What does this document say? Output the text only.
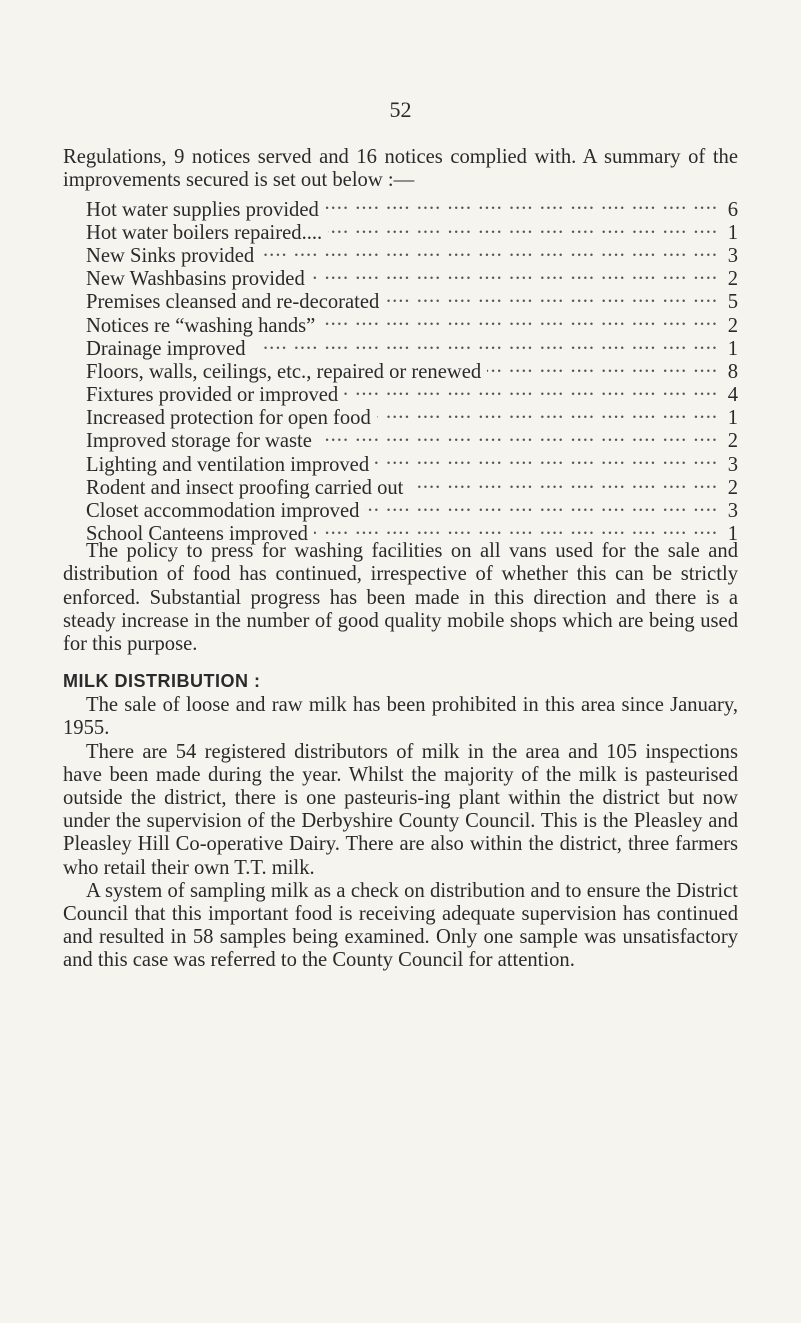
52

Regulations, 9 notices served and 16 notices complied with. A summary of the improvements secured is set out below :—

Hot water supplies provided ....	6
Hot water boilers repaired.... ....	1
New Sinks provided ....	3
New Washbasins provided ....	2
Premises cleansed and re-decorated ....	5
Notices re “washing hands” ....	2
Drainage improved ....	1
Floors, walls, ceilings, etc., repaired or renewed ....	8
Fixtures provided or improved ....	4
Increased protection for open food ....	1
Improved storage for waste ....	2
Lighting and ventilation improved ....	3
Rodent and insect proofing carried out ....	2
Closet accommodation improved ....	3
School Canteens improved ....	1

The policy to press for washing facilities on all vans used for the sale and distribution of food has continued, irrespective of whether this can be strictly enforced. Substantial progress has been made in this direction and there is a steady increase in the number of good quality mobile shops which are being used for this purpose.

MILK DISTRIBUTION :

The sale of loose and raw milk has been prohibited in this area since January, 1955.

There are 54 registered distributors of milk in the area and 105 inspections have been made during the year. Whilst the majority of the milk is pasteurised outside the district, there is one pasteuris-ing plant within the district but now under the supervision of the Derbyshire County Council. This is the Pleasley and Pleasley Hill Co-operative Dairy. There are also within the district, three farmers who retail their own T.T. milk.

A system of sampling milk as a check on distribution and to ensure the District Council that this important food is receiving adequate supervision has continued and resulted in 58 samples being examined. Only one sample was unsatisfactory and this case was referred to the County Council for attention.
